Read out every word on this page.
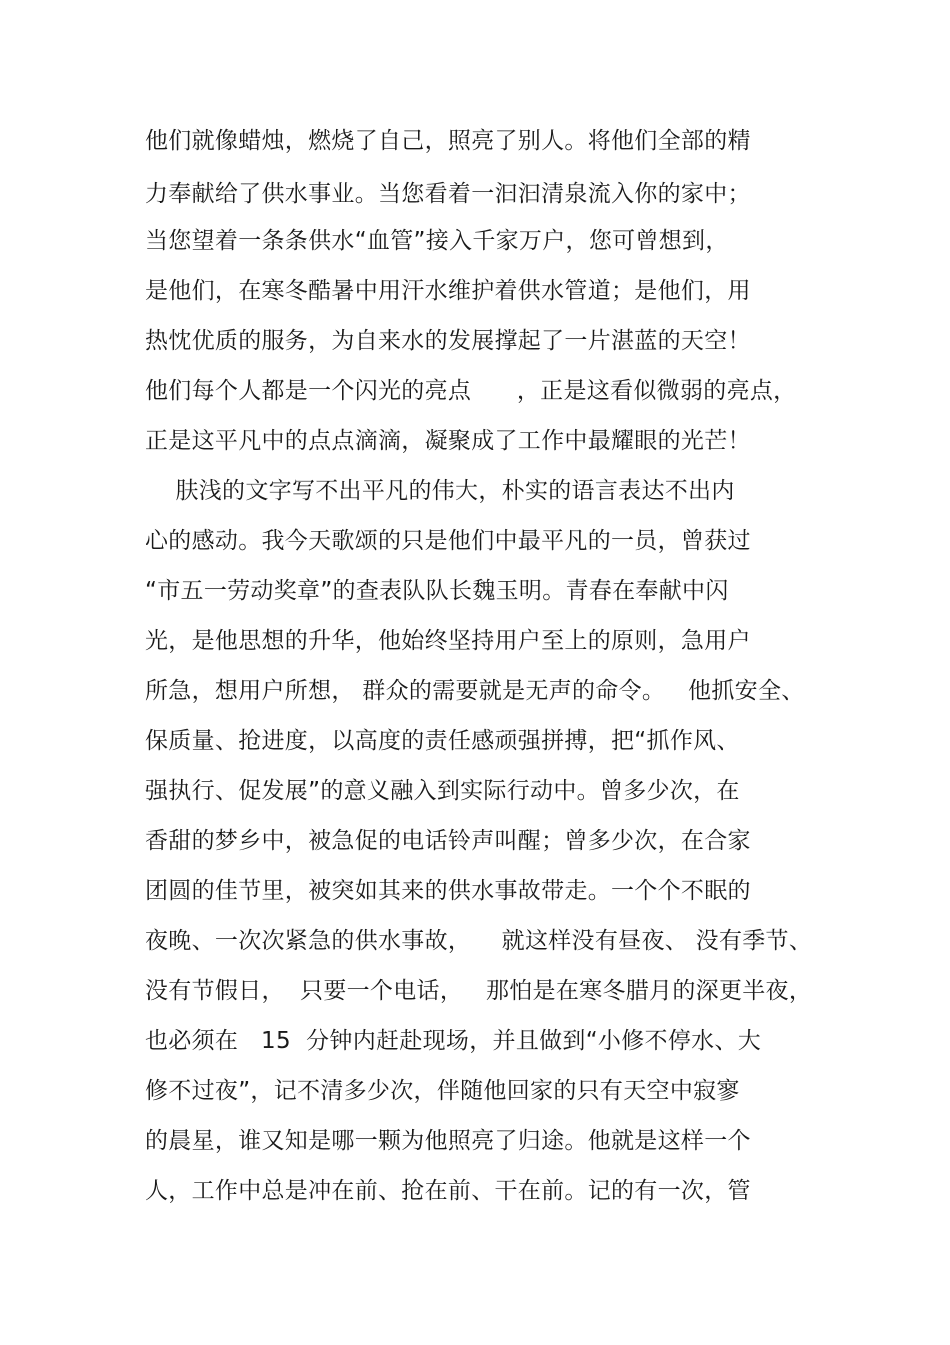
他们就像蜡烛，燃烧了自己，照亮了别人。将他们全部的精
力奉献给了供水事业。当您看着一汩汩清泉流入你的家中；
当您望着一条条供水“血管”接入千家万户，您可曾想到，
是他们，在寒冬酷暑中用汗水维护着供水管道；是他们，用
热忱优质的服务，为自来水的发展撑起了一片湛蓝的天空！
他们每个人都是一个闪光的亮点      ，正是这看似微弱的亮点，
正是这平凡中的点点滴滴，凝聚成了工作中最耀眼的光芒！
肤浅的文字写不出平凡的伟大，朴实的语言表达不出内
心的感动。我今天歌颂的只是他们中最平凡的一员，曾获过
“市五一劳动奖章”的查表队队长魏玉明。青春在奉献中闪
光，是他思想的升华，他始终坚持用户至上的原则，急用户
所急，想用户所想， 群众的需要就是无声的命令。   他抓安全、
保质量、抢进度，以高度的责任感顽强拼搏，把“抓作风、
强执行、促发展”的意义融入到实际行动中。曾多少次，在
香甜的梦乡中，被急促的电话铃声叫醒；曾多少次，在合家
团圆的佳节里，被突如其来的供水事故带走。一个个不眠的
夜晚、一次次紧急的供水事故，    就这样没有昼夜、 没有季节、
没有节假日，  只要一个电话，   那怕是在寒冬腊月的深更半夜，
也必须在   15  分钟内赶赴现场，并且做到“小修不停水、大
修不过夜”，记不清多少次，伴随他回家的只有天空中寂寥
的晨星，谁又知是哪一颗为他照亮了归途。他就是这样一个
人，工作中总是冲在前、抢在前、干在前。记的有一次，管
